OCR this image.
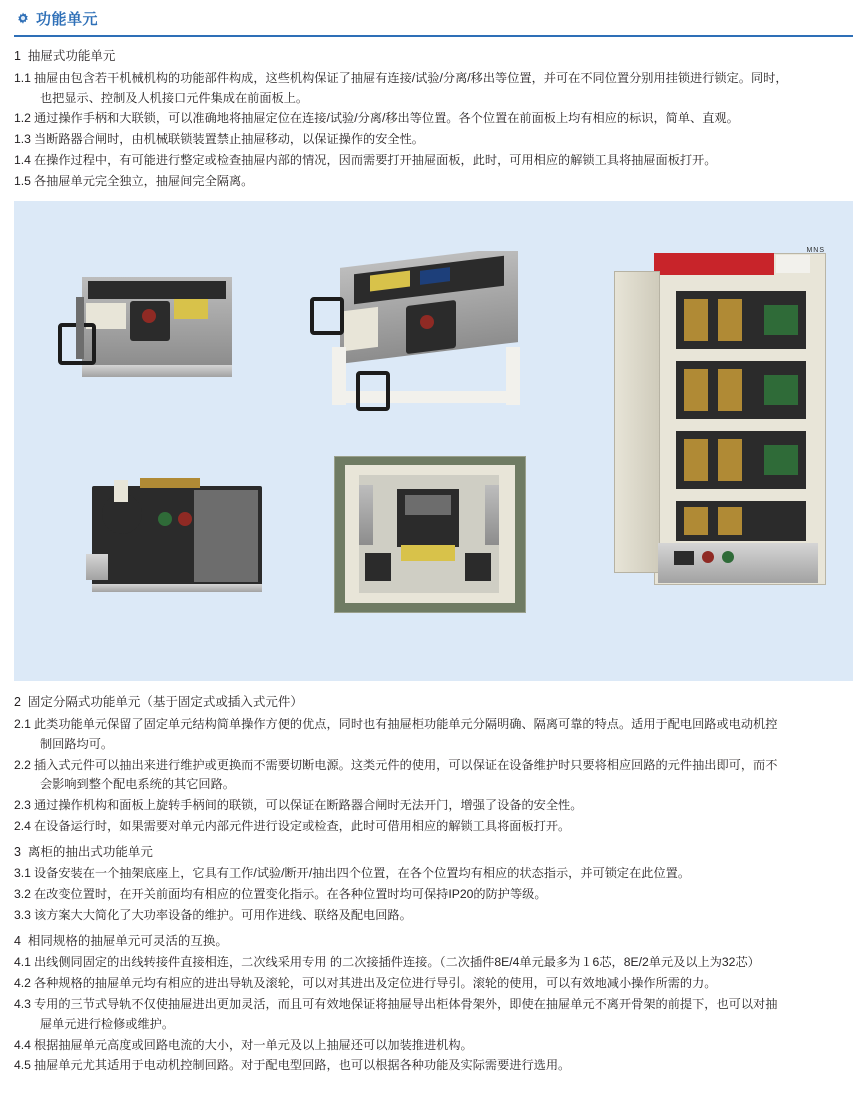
功能单元
1 抽屉式功能单元

1.1 抽屉由包含若干机械机构的功能部件构成，这些机构保证了抽屉有连接/试验/分离/移出等位置，并可在不同位置分别用挂锁进行锁定。同时，
也把显示、控制及人机接口元件集成在前面板上。

1.2 通过操作手柄和大联锁，可以准确地将抽屉定位在连接/试验/分离/移出等位置。各个位置在前面板上均有相应的标识，简单、直观。

1.3 当断路器合闸时，由机械联锁装置禁止抽屉移动，以保证操作的安全性。

1.4 在操作过程中，有可能进行整定或检查抽屉内部的情况，因而需要打开抽屉面板，此时，可用相应的解锁工具将抽屉面板打开。

1.5 各抽屉单元完全独立，抽屉间完全隔离。

MNS
2 固定分隔式功能单元（基于固定式或插入式元件）

2.1 此类功能单元保留了固定单元结构简单操作方便的优点，同时也有抽屉柜功能单元分隔明确、隔离可靠的特点。适用于配电回路或电动机控
制回路均可。

2.2 插入式元件可以抽出来进行维护或更换而不需要切断电源。这类元件的使用，可以保证在设备维护时只要将相应回路的元件抽出即可，而不
会影响到整个配电系统的其它回路。

2.3 通过操作机构和面板上旋转手柄间的联锁，可以保证在断路器合闸时无法开门，增强了设备的安全性。

2.4 在设备运行时，如果需要对单元内部元件进行设定或检查，此时可借用相应的解锁工具将面板打开。

3 离柜的抽出式功能单元

3.1 设备安装在一个抽架底座上，它具有工作/试验/断开/抽出四个位置，在各个位置均有相应的状态指示，并可锁定在此位置。

3.2 在改变位置时，在开关前面均有相应的位置变化指示。在各种位置时均可保持IP20的防护等级。

3.3 该方案大大简化了大功率设备的维护。可用作进线、联络及配电回路。

4 相同规格的抽屉单元可灵活的互换。

4.1 出线侧同固定的出线转接件直接相连，二次线采用专用 的二次接插件连接。（二次插件8E/4单元最多为１6芯，8E/2单元及以上为32芯）

4.2 各种规格的抽屉单元均有相应的进出导轨及滚轮，可以对其进出及定位进行导引。滚轮的使用，可以有效地减小操作所需的力。

4.3 专用的三节式导轨不仅使抽屉进出更加灵活，而且可有效地保证将抽屉导出柜体骨架外，即使在抽屉单元不离开骨架的前提下，也可以对抽
屉单元进行检修或维护。

4.4 根据抽屉单元高度或回路电流的大小，对一单元及以上抽屉还可以加装推进机构。

4.5 抽屉单元尤其适用于电动机控制回路。对于配电型回路，也可以根据各种功能及实际需要进行选用。
